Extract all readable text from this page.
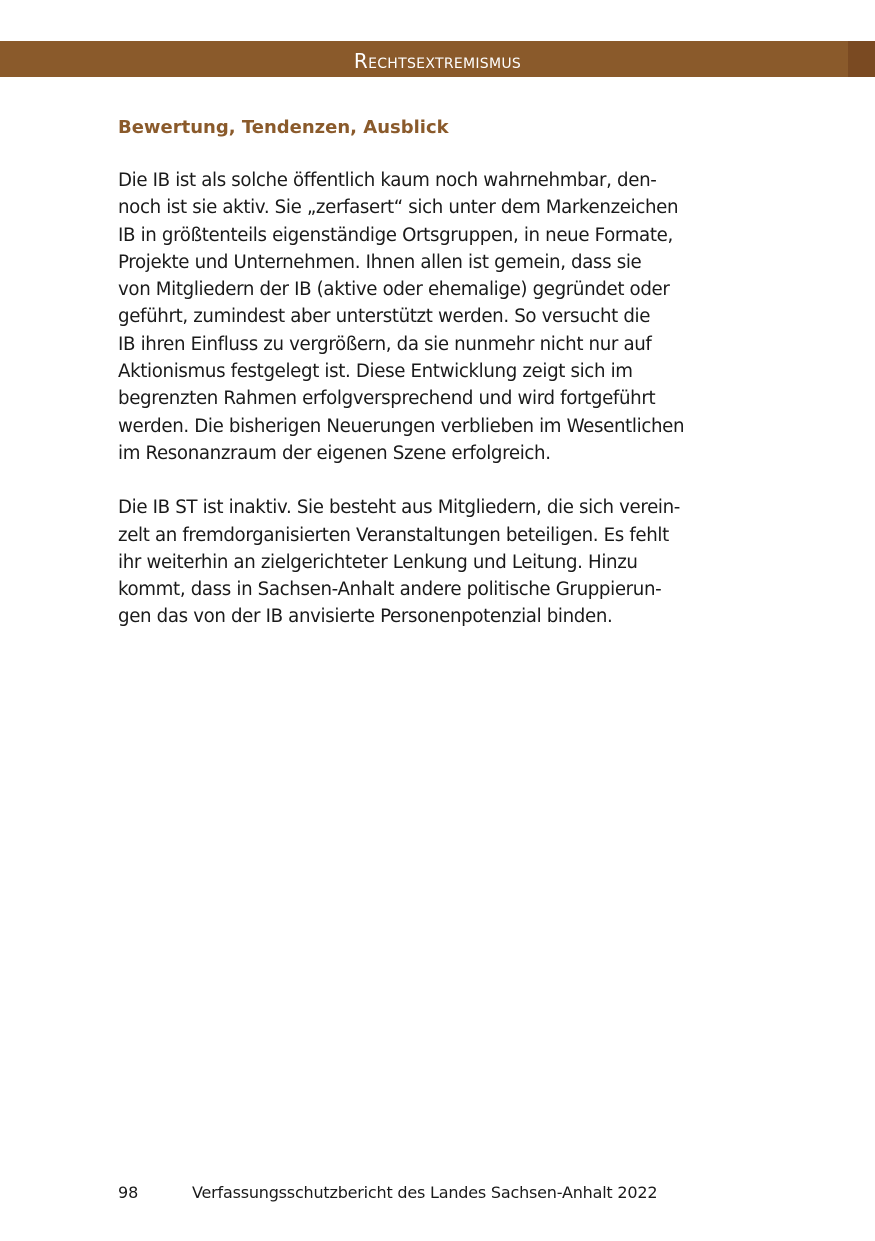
Rechtsextremismus
Bewertung, Tendenzen, Ausblick

Die IB ist als solche öffentlich kaum noch wahrnehmbar, den-
noch ist sie aktiv. Sie „zerfasert“ sich unter dem Markenzeichen
IB in größtenteils eigenständige Ortsgruppen, in neue Formate,
Projekte und Unternehmen. Ihnen allen ist gemein, dass sie
von Mitgliedern der IB (aktive oder ehemalige) gegründet oder
geführt, zumindest aber unterstützt werden. So versucht die
IB ihren Einfluss zu vergrößern, da sie nunmehr nicht nur auf
Aktionismus festgelegt ist. Diese Entwicklung zeigt sich im
begrenzten Rahmen erfolgversprechend und wird fortgeführt
werden. Die bisherigen Neuerungen verblieben im Wesentlichen
im Resonanzraum der eigenen Szene erfolgreich.

Die IB ST ist inaktiv. Sie besteht aus Mitgliedern, die sich verein-
zelt an fremdorganisierten Veranstaltungen beteiligen. Es fehlt
ihr weiterhin an zielgerichteter Lenkung und Leitung. Hinzu
kommt, dass in Sachsen-Anhalt andere politische Gruppierun-
gen das von der IB anvisierte Personenpotenzial binden.

98	Verfassungsschutzbericht des Landes Sachsen-Anhalt 2022
